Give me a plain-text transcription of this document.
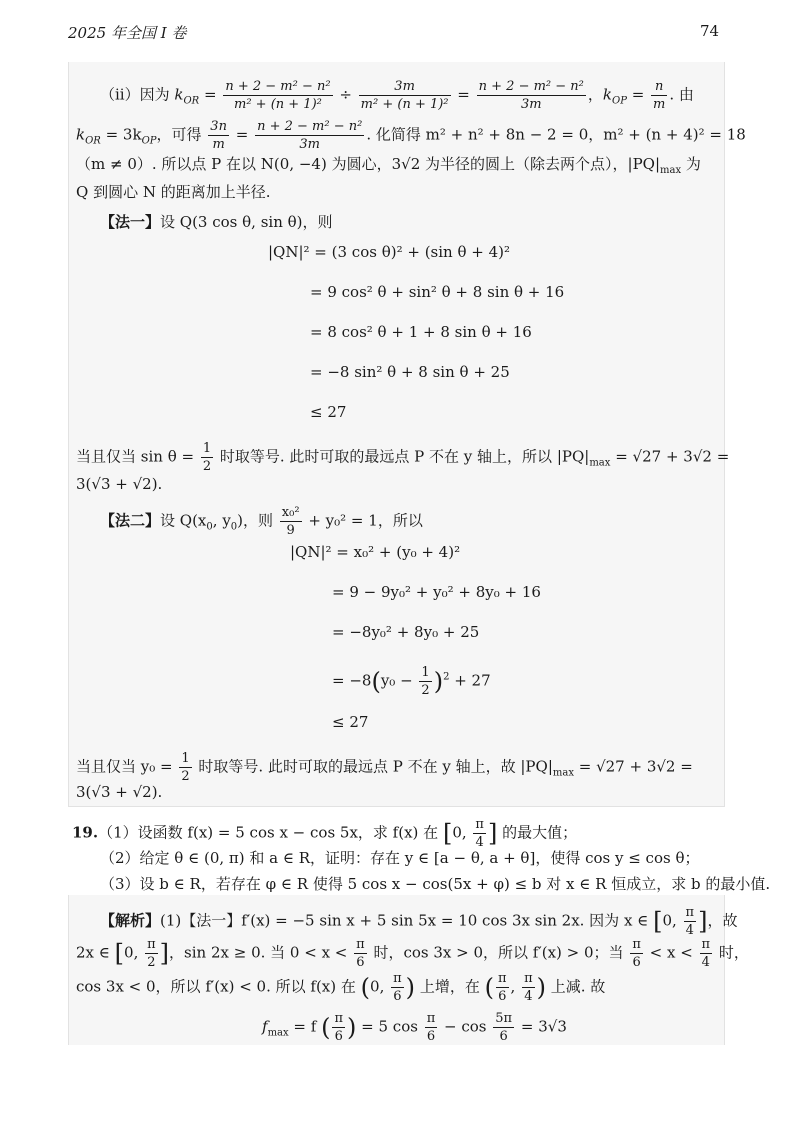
2025 年全国 I 卷	74
（ii）因为 $k_{OR} = \frac{\text{n + 2 − m² − n²}}{\text{m² + (n + 1)²}} \div \frac{3m}{\text{m² + (n + 1)²}} = \frac{\text{n + 2 − m² − n²}}{3m}$ ，$k_{OP} = \frac{n}{m}$ . 由
$k_{OR} = 3k_{OP}$，可得 $\frac{3n}{m} = \frac{\text{n + 2 − m² − n²}}{3m}$ . 化简得 m² + n² + 8n − 2 = 0，m² + (n + 4)² = 18
（m ≠ 0）. 所以点 P 在以 N(0, −4) 为圆心，3√2 为半径的圆上（除去两个点），$|PQ|_{max}$ 为
Q 到圆心 N 的距离加上半径.
【法一】设 Q(3 cos θ, sin θ)，则
|QN|² = (3 cos θ)² + (sin θ + 4)²
= 9 cos² θ + sin² θ + 8 sin θ + 16
= 8 cos² θ + 1 + 8 sin θ + 16
= −8 sin² θ + 8 sin θ + 25
≤ 27
当且仅当 $\sin \theta = \frac{1}{2}$ 时取等号. 此时可取的最远点 P 不在 y 轴上，所以 $|PQ|_{max} = √27 + 3√2$ =
3(√3 + √2).
【法二】设 $Q(x_0$, $y_0$)，则 $\frac{\text{x₀²}}{9} + y_0^2 = 1$，所以
|QN|² = x₀² + (y₀ + 4)²
= 9 − 9y₀² + y₀² + 8y₀ + 16
= −8y₀² + 8y₀ + 25
= $-8(y_0 - \frac{1}{2} )^2 + 27$
≤ 27
当且仅当 $y_0 = \frac{1}{2}$ 时取等号. 此时可取的最远点 P 不在 y 轴上，故 $|PQ|_{max} = √27 + 3√2$ =
3(√3 + √2).
19.（1）设函数 f(x) = 5 cos x − cos 5x，求 f(x) 在 [0, $\frac{\pi}{4}$ ] 的最大值；
（2）给定 θ ∈ (0, π) 和 a ∈ R，证明：存在 y ∈ [a − θ, a + θ]，使得 cos y ≤ cos θ；
（3）设 b ∈ R，若存在 φ ∈ R 使得 5 cos x − cos(5x + φ) ≤ b 对 x ∈ R 恒成立，求 b 的最小值.
【解析】(1)【法一】f′(x) = −5 sin x + 5 sin 5x = 10 cos 3x sin 2x. 因为 x ∈ [0, $\frac{\pi}{4}$ ]，故
2x ∈ [0, $\frac{\pi}{2}$ ]，sin 2x ≥ 0. 当 $0 < x < \frac{\pi}{6}$ 时，cos 3x > 0，所以 f′(x) > 0；当 $\frac{\pi}{6} < x < \frac{\pi}{4}$ 时，
cos 3x < 0，所以 f′(x) < 0. 所以 f(x) 在 (0, $\frac{\pi}{6}$ ) 上增，在 ( $\frac{\pi}{6}$ , $\frac{\pi}{4}$ ) 上减. 故
$f_{max} = f$ ( $\frac{\pi}{6}$ ) = 5 $\cos \frac{\pi}{6} - \cos \frac{5\pi}{6} = 3√3$
